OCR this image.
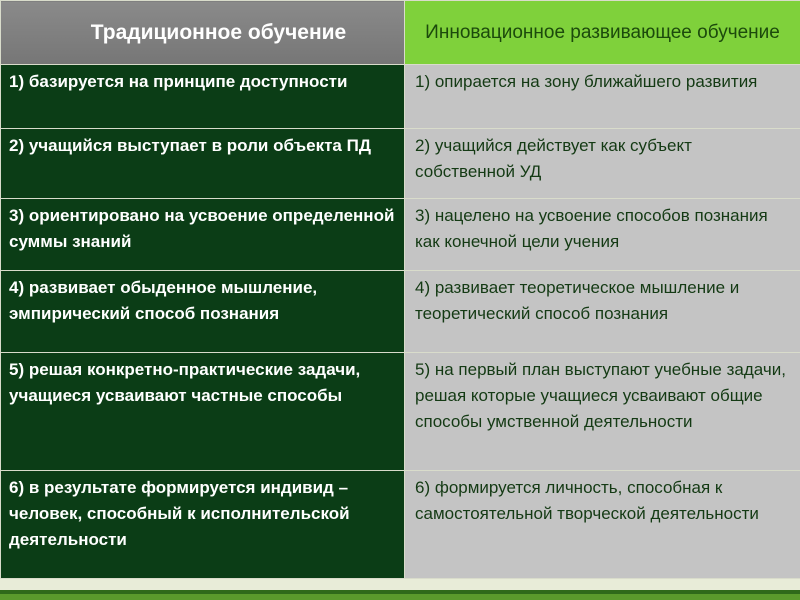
Традиционное обучение	Инновационное развивающее обучение
1) базируется на принципе доступности	1) опирается на зону ближайшего развития
2) учащийся выступает в роли объекта ПД	2) учащийся действует как субъект собственной УД
3) ориентировано на усвоение определенной суммы знаний	3) нацелено на усвоение способов познания как конечной цели учения
4) развивает обыденное мышление, эмпирический способ познания	4) развивает теоретическое мышление и теоретический способ познания
5) решая конкретно-практические задачи, учащиеся усваивают частные способы	5) на первый план выступают учебные задачи, решая которые учащиеся усваивают общие способы умственной деятельности
6) в результате формируется индивид – человек, способный к исполнительской деятельности	6) формируется личность, способная к самостоятельной творческой деятельности
